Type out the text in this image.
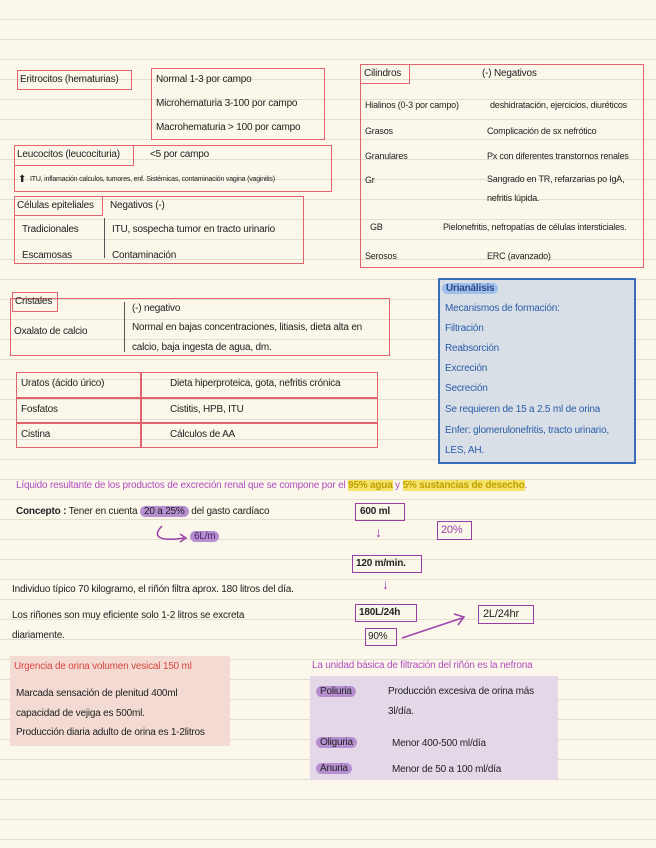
Eritrocitos (hematurias)	Normal 1-3 por campo
Microhematuria 3-100 por campo
Macrohematuria > 100 por campo
Leucocitos (leucocituria)	<5 por campo
⬆ ITU, inflamación calculos, tumores, enf. Sistémicas, contaminación vagina (vaginitis)
Células epiteliales Negativos (-)
Tradicionales	ITU, sospecha tumor en tracto urinario
Escamosas	Contaminación
Cilindros	(-) Negativos
Hialinos (0-3 por campo)	deshidratación, ejercicios, diuréticos
Grasos	Complicación de sx nefrótico
Granulares	Px con diferentes transtornos renales
Gr	Sangrado en TR, refarzarias po IgA, nefritis lúpida.
GB	Pielonefritis, nefropatías de células intersticiales.
Serosos	ERC (avanzado)
Cristales
(-) negativo
Oxalato de calcio	Normal en bajas concentraciones, litiasis, dieta alta en
calcio, baja ingesta de agua, dm.
Uratos (ácido úrico)	Dieta hiperproteica, gota, nefritis crónica
Fosfatos	Cistitis, HPB, ITU
Cistina	Cálculos de AA
Urianálisis
Mecanismos de formación:
Filtración
Reabsorción
Excreción
Secreción
Se requieren de 15 a 2.5 ml de orina
Enfer: glomerulonefritis, tracto urinario,
LES, AH.
Líquido resultante de los productos de excreción renal que se compone por el 95% agua y 5% sustancias de desecho.
Concepto : Tener en cuenta 20 a 25% del gasto cardíaco
6L/m
600 ml
↓	20%
120 m/min.
↓
180L/24h
90%
2L/24hr
Individuo típico 70 kilogramo, el riñón filtra aprox. 180 litros del día.
Los riñones son muy eficiente solo 1-2 litros se excreta
diariamente.
Urgencia de orina volumen vesical 150 ml
Marcada sensación de plenitud 400ml
capacidad de vejiga es 500ml.
Producción diaria adulto de orina es 1-2litros
La unidad básica de filtración del riñón es la nefrona
Poliuria	Producción excesiva de orina más
3l/día.
Oliguria	Menor 400-500 ml/día
Anuria	Menor de 50 a 100 ml/día
